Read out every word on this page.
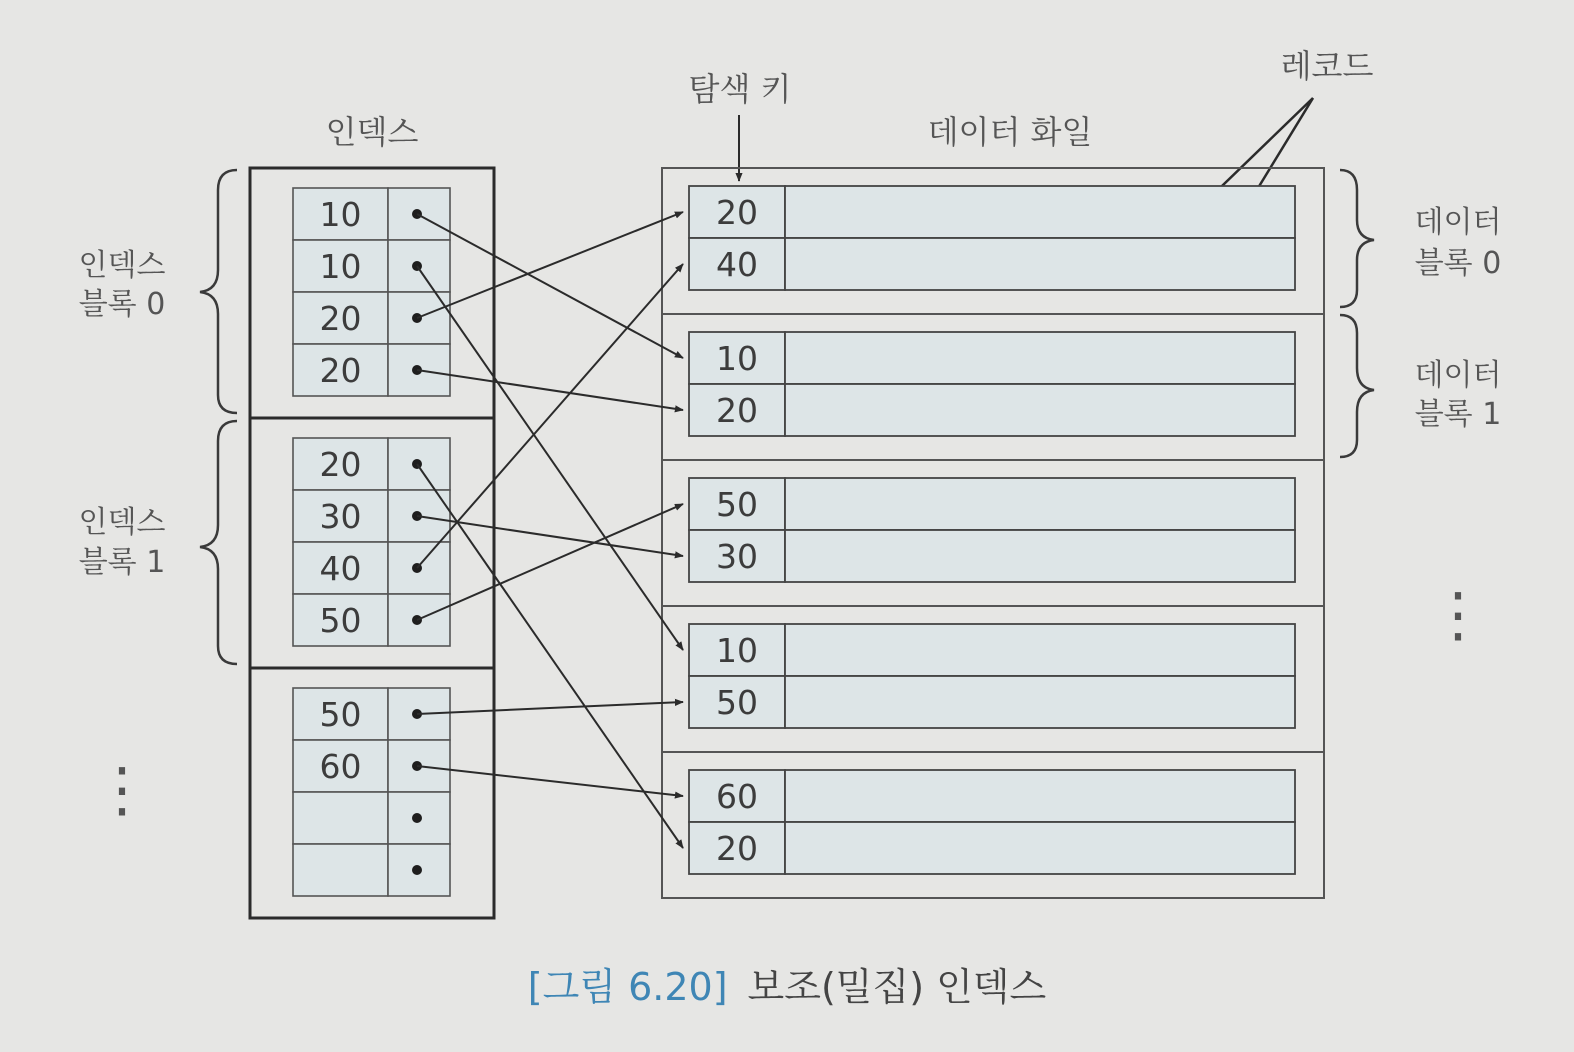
인덱스	데이터 화일
탐색 키
레코드
인덱스
블록 0
인덱스
블록 1
⋮
데이터
블록 0
데이터
블록 1
⋮
10
10
20
20
20
30
40
50
50
60
20
40
10
20
50
30
10
50
60
20
[그림 6.20] 보조(밀집) 인덱스
